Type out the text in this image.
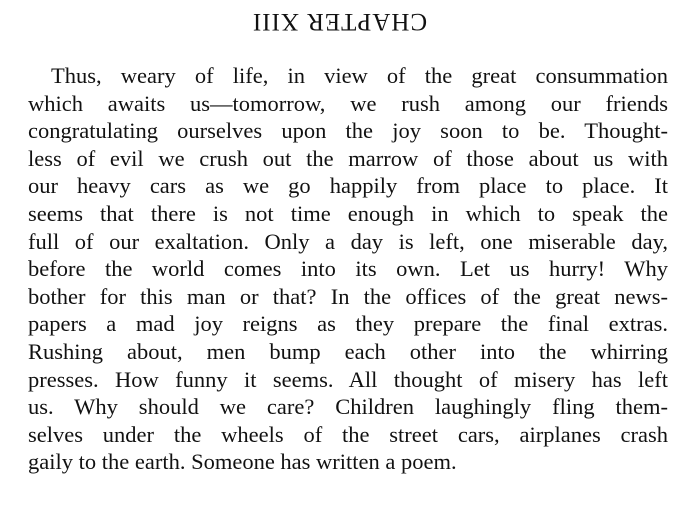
CHAPTER XIII
Thus, weary of life, in view of the great consummation
which awaits us—tomorrow, we rush among our friends
congratulating ourselves upon the joy soon to be. Thought-
less of evil we crush out the marrow of those about us with
our heavy cars as we go happily from place to place. It
seems that there is not time enough in which to speak the
full of our exaltation. Only a day is left, one miserable day,
before the world comes into its own. Let us hurry! Why
bother for this man or that? In the offices of the great news-
papers a mad joy reigns as they prepare the final extras.
Rushing about, men bump each other into the whirring
presses. How funny it seems. All thought of misery has left
us. Why should we care? Children laughingly fling them-
selves under the wheels of the street cars, airplanes crash
gaily to the earth. Someone has written a poem.
